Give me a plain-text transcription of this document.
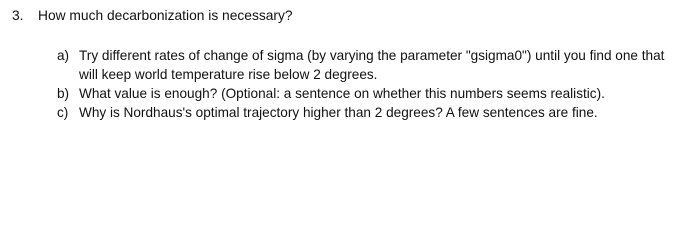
3. How much decarbonization is necessary?
a) Try different rates of change of sigma (by varying the parameter "gsigma0") until you find one that will keep world temperature rise below 2 degrees.
b) What value is enough? (Optional: a sentence on whether this numbers seems realistic).
c) Why is Nordhaus's optimal trajectory higher than 2 degrees? A few sentences are fine.
